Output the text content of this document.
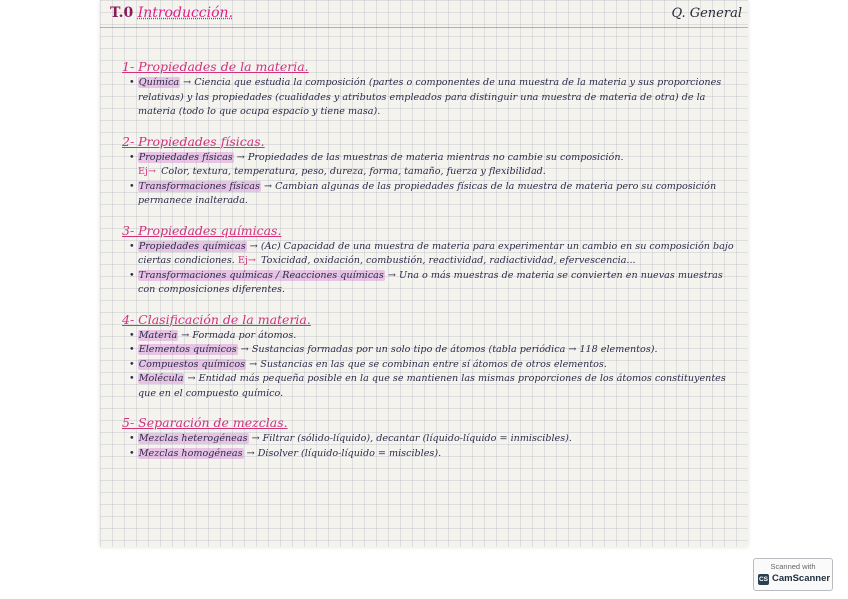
T.0 Introducción.	Q. General
1- Propiedades de la materia.

• Química → Ciencia que estudia la composición (partes o componentes de una muestra de la materia y sus proporciones relativas) y las propiedades (cualidades y atributos empleados para distinguir una muestra de materia de otra) de la materia (todo lo que ocupa espacio y tiene masa).

2- Propiedades físicas.

• Propiedades físicas → Propiedades de las muestras de materia mientras no cambie su composición.
Ej→ Color, textura, temperatura, peso, dureza, forma, tamaño, fuerza y flexibilidad.

• Transformaciones físicas → Cambian algunas de las propiedades físicas de la muestra de materia pero su composición permanece inalterada.

3- Propiedades químicas.

• Propiedades químicas → (Ac) Capacidad de una muestra de materia para experimentar un cambio en su composición bajo ciertas condiciones. Ej→ Toxicidad, oxidación, combustión, reactividad, radiactividad, efervescencia...

• Transformaciones químicas / Reacciones químicas → Una o más muestras de materia se convierten en nuevas muestras con composiciones diferentes.

4- Clasificación de la materia.

• Materia → Formada por átomos.

• Elementos químicos → Sustancias formadas por un solo tipo de átomos (tabla periódica → 118 elementos).

• Compuestos químicos → Sustancias en las que se combinan entre sí átomos de otros elementos.

• Molécula → Entidad más pequeña posible en la que se mantienen las mismas proporciones de los átomos constituyentes que en el compuesto químico.

5- Separación de mezclas.

• Mezclas heterogéneas → Filtrar (sólido-líquido), decantar (líquido-líquido = inmiscibles).

• Mezclas homogéneas → Disolver (líquido-líquido = miscibles).

Scanned with
CS CamScanner
